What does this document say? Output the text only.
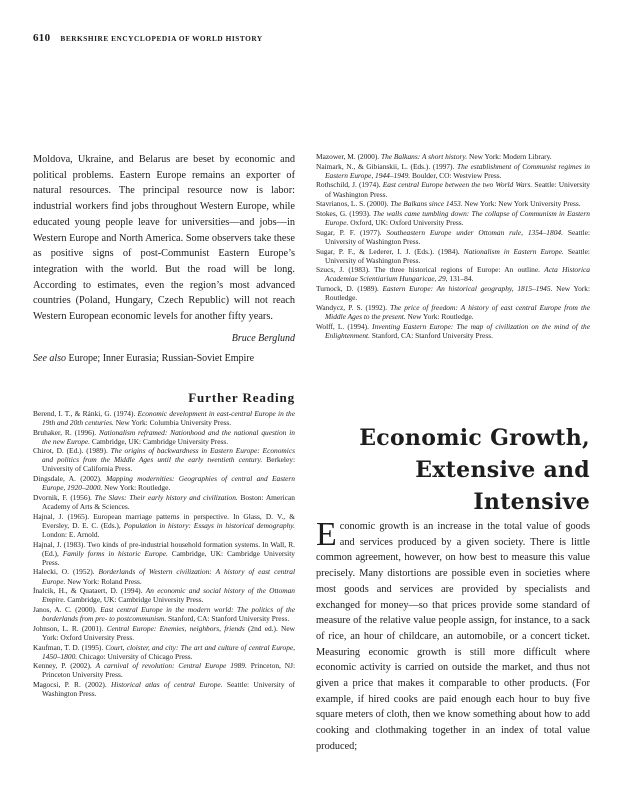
610 BERKSHIRE ENCYCLOPEDIA OF WORLD HISTORY

Moldova, Ukraine, and Belarus are beset by economic and political problems. Eastern Europe remains an exporter of natural resources. The principal resource now is labor: industrial workers find jobs throughout Western Europe, while educated young people leave for universities—and jobs—in Western Europe and North America. Some observers take these as positive signs of post-Communist Eastern Europe’s integration with the world. But the road will be long. According to estimates, even the region’s most advanced countries (Poland, Hungary, Czech Republic) will not reach Western European economic levels for another fifty years.

Bruce Berglund
See also Europe; Inner Eurasia; Russian-Soviet Empire
Further Reading
Berend, I. T., & Ránki, G. (1974). Economic development in east-central Europe in the 19th and 20th centuries. New York: Columbia University Press.
Bruhaker, R. (1996). Nationalism reframed: Nationhood and the national question in the new Europe. Cambridge, UK: Cambridge University Press.
Chirot, D. (Ed.). (1989). The origins of backwardness in Eastern Europe: Economics and politics from the Middle Ages until the early twentieth century. Berkeley: University of California Press.
Dingsdale, A. (2002). Mapping modernities: Geographies of central and Eastern Europe, 1920–2000. New York: Routledge.
Dvornik, F. (1956). The Slavs: Their early history and civilization. Boston: American Academy of Arts & Sciences.
Hajnal, J. (1965). European marriage patterns in perspective. In Glass, D. V., & Eversley, D. E. C. (Eds.), Population in history: Essays in historical demography. London: E. Arnold.
Hajnal, J. (1983). Two kinds of pre-industrial household formation systems. In Wall, R. (Ed.), Family forms in historic Europe. Cambridge, UK: Cambridge University Press.
Halecki, O. (1952). Borderlands of Western civilization: A history of east central Europe. New York: Roland Press.
İnalcik, H., & Quataert, D. (1994). An economic and social history of the Ottoman Empire. Cambridge, UK: Cambridge University Press.
Janos, A. C. (2000). East central Europe in the modern world: The politics of the borderlands from pre- to postcommunism. Stanford, CA: Stanford University Press.
Johnson, L. R. (2001). Central Europe: Enemies, neighbors, friends (2nd ed.). New York: Oxford University Press.
Kaufman, T. D. (1995). Court, cloister, and city: The art and culture of central Europe, 1450–1800. Chicago: University of Chicago Press.
Kenney, P. (2002). A carnival of revolution: Central Europe 1989. Princeton, NJ: Princeton University Press.
Magocsi, P. R. (2002). Historical atlas of central Europe. Seattle: University of Washington Press.
Mazower, M. (2000). The Balkans: A short history. New York: Modern Library.
Naimark, N., & Gibianskii, L. (Eds.). (1997). The establishment of Communist regimes in Eastern Europe, 1944–1949. Boulder, CO: Westview Press.
Rothschild, J. (1974). East central Europe between the two World Wars. Seattle: University of Washington Press.
Stavrianos, L. S. (2000). The Balkans since 1453. New York: New York University Press.
Stokes, G. (1993). The walls came tumbling down: The collapse of Communism in Eastern Europe. Oxford, UK: Oxford University Press.
Sugar, P. F. (1977). Southeastern Europe under Ottoman rule, 1354–1804. Seattle: University of Washington Press.
Sugar, P. F., & Lederer, I. J. (Eds.). (1984). Nationalism in Eastern Europe. Seattle: University of Washington Press.
Szucs, J. (1983). The three historical regions of Europe: An outline. Acta Historica Academiae Scientiarium Hungaricae, 29, 131–84.
Turnock, D. (1989). Eastern Europe: An historical geography, 1815–1945. New York: Routledge.
Wandycz, P. S. (1992). The price of freedom: A history of east central Europe from the Middle Ages to the present. New York: Routledge.
Wolff, L. (1994). Inventing Eastern Europe: The map of civilization on the mind of the Enlightenment. Stanford, CA: Stanford University Press.
Economic Growth,
Extensive and
Intensive
E conomic growth is an increase in the total value of goods and services produced by a given society. There is little common agreement, however, on how best to measure this value precisely. Many distortions are possible even in societies where most goods and services are provided by specialists and exchanged for money—so that prices provide some standard of measure of the relative value people assign, for instance, to a sack of rice, an hour of childcare, an automobile, or a concert ticket. Measuring economic growth is still more difficult where economic activity is carried on outside the market, and thus not given a price that makes it comparable to other products. (For example, if hired cooks are paid enough each hour to buy five square meters of cloth, then we know something about how to add cooking and clothmaking together in an index of total value produced;
